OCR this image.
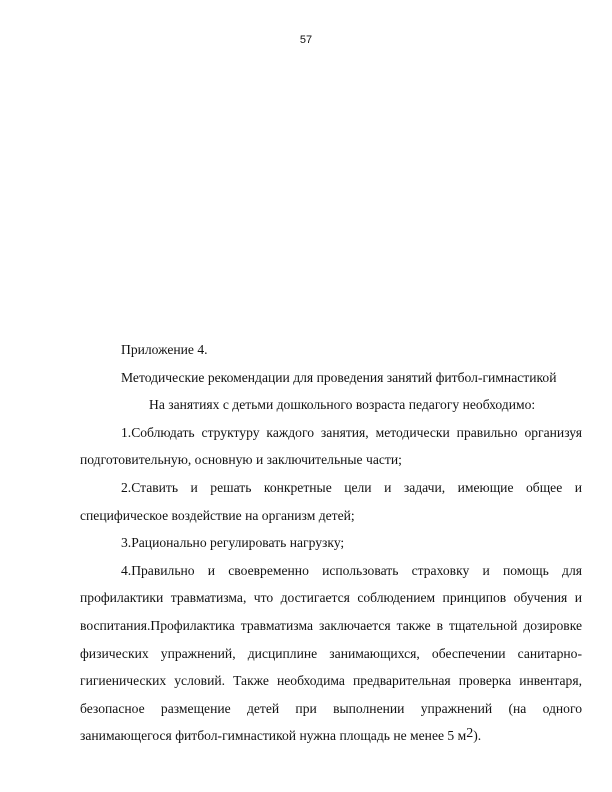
57

Приложение 4.

Методические рекомендации для проведения занятий фитбол-гимнастикой

На занятиях с детьми дошкольного возраста педагогу необходимо:

1.Соблюдать структуру каждого занятия, методически правильно организуя подготовительную, основную и заключительные части;

2.Ставить и решать конкретные цели и задачи, имеющие общее и специфическое воздействие на организм детей;

3.Рационально регулировать нагрузку;

4.Правильно и своевременно использовать страховку и помощь для профилактики травматизма, что достигается соблюдением принципов обучения и воспитания.Профилактика травматизма заключается также в тщательной дозировке физических упражнений, дисциплине занимающихся, обеспечении санитарно-гигиенических условий. Также необходима предварительная проверка инвентаря, безопасное размещение детей при выполнении упражнений (на одного занимающегося фитбол-гимнастикой нужна площадь не менее 5 м2).
